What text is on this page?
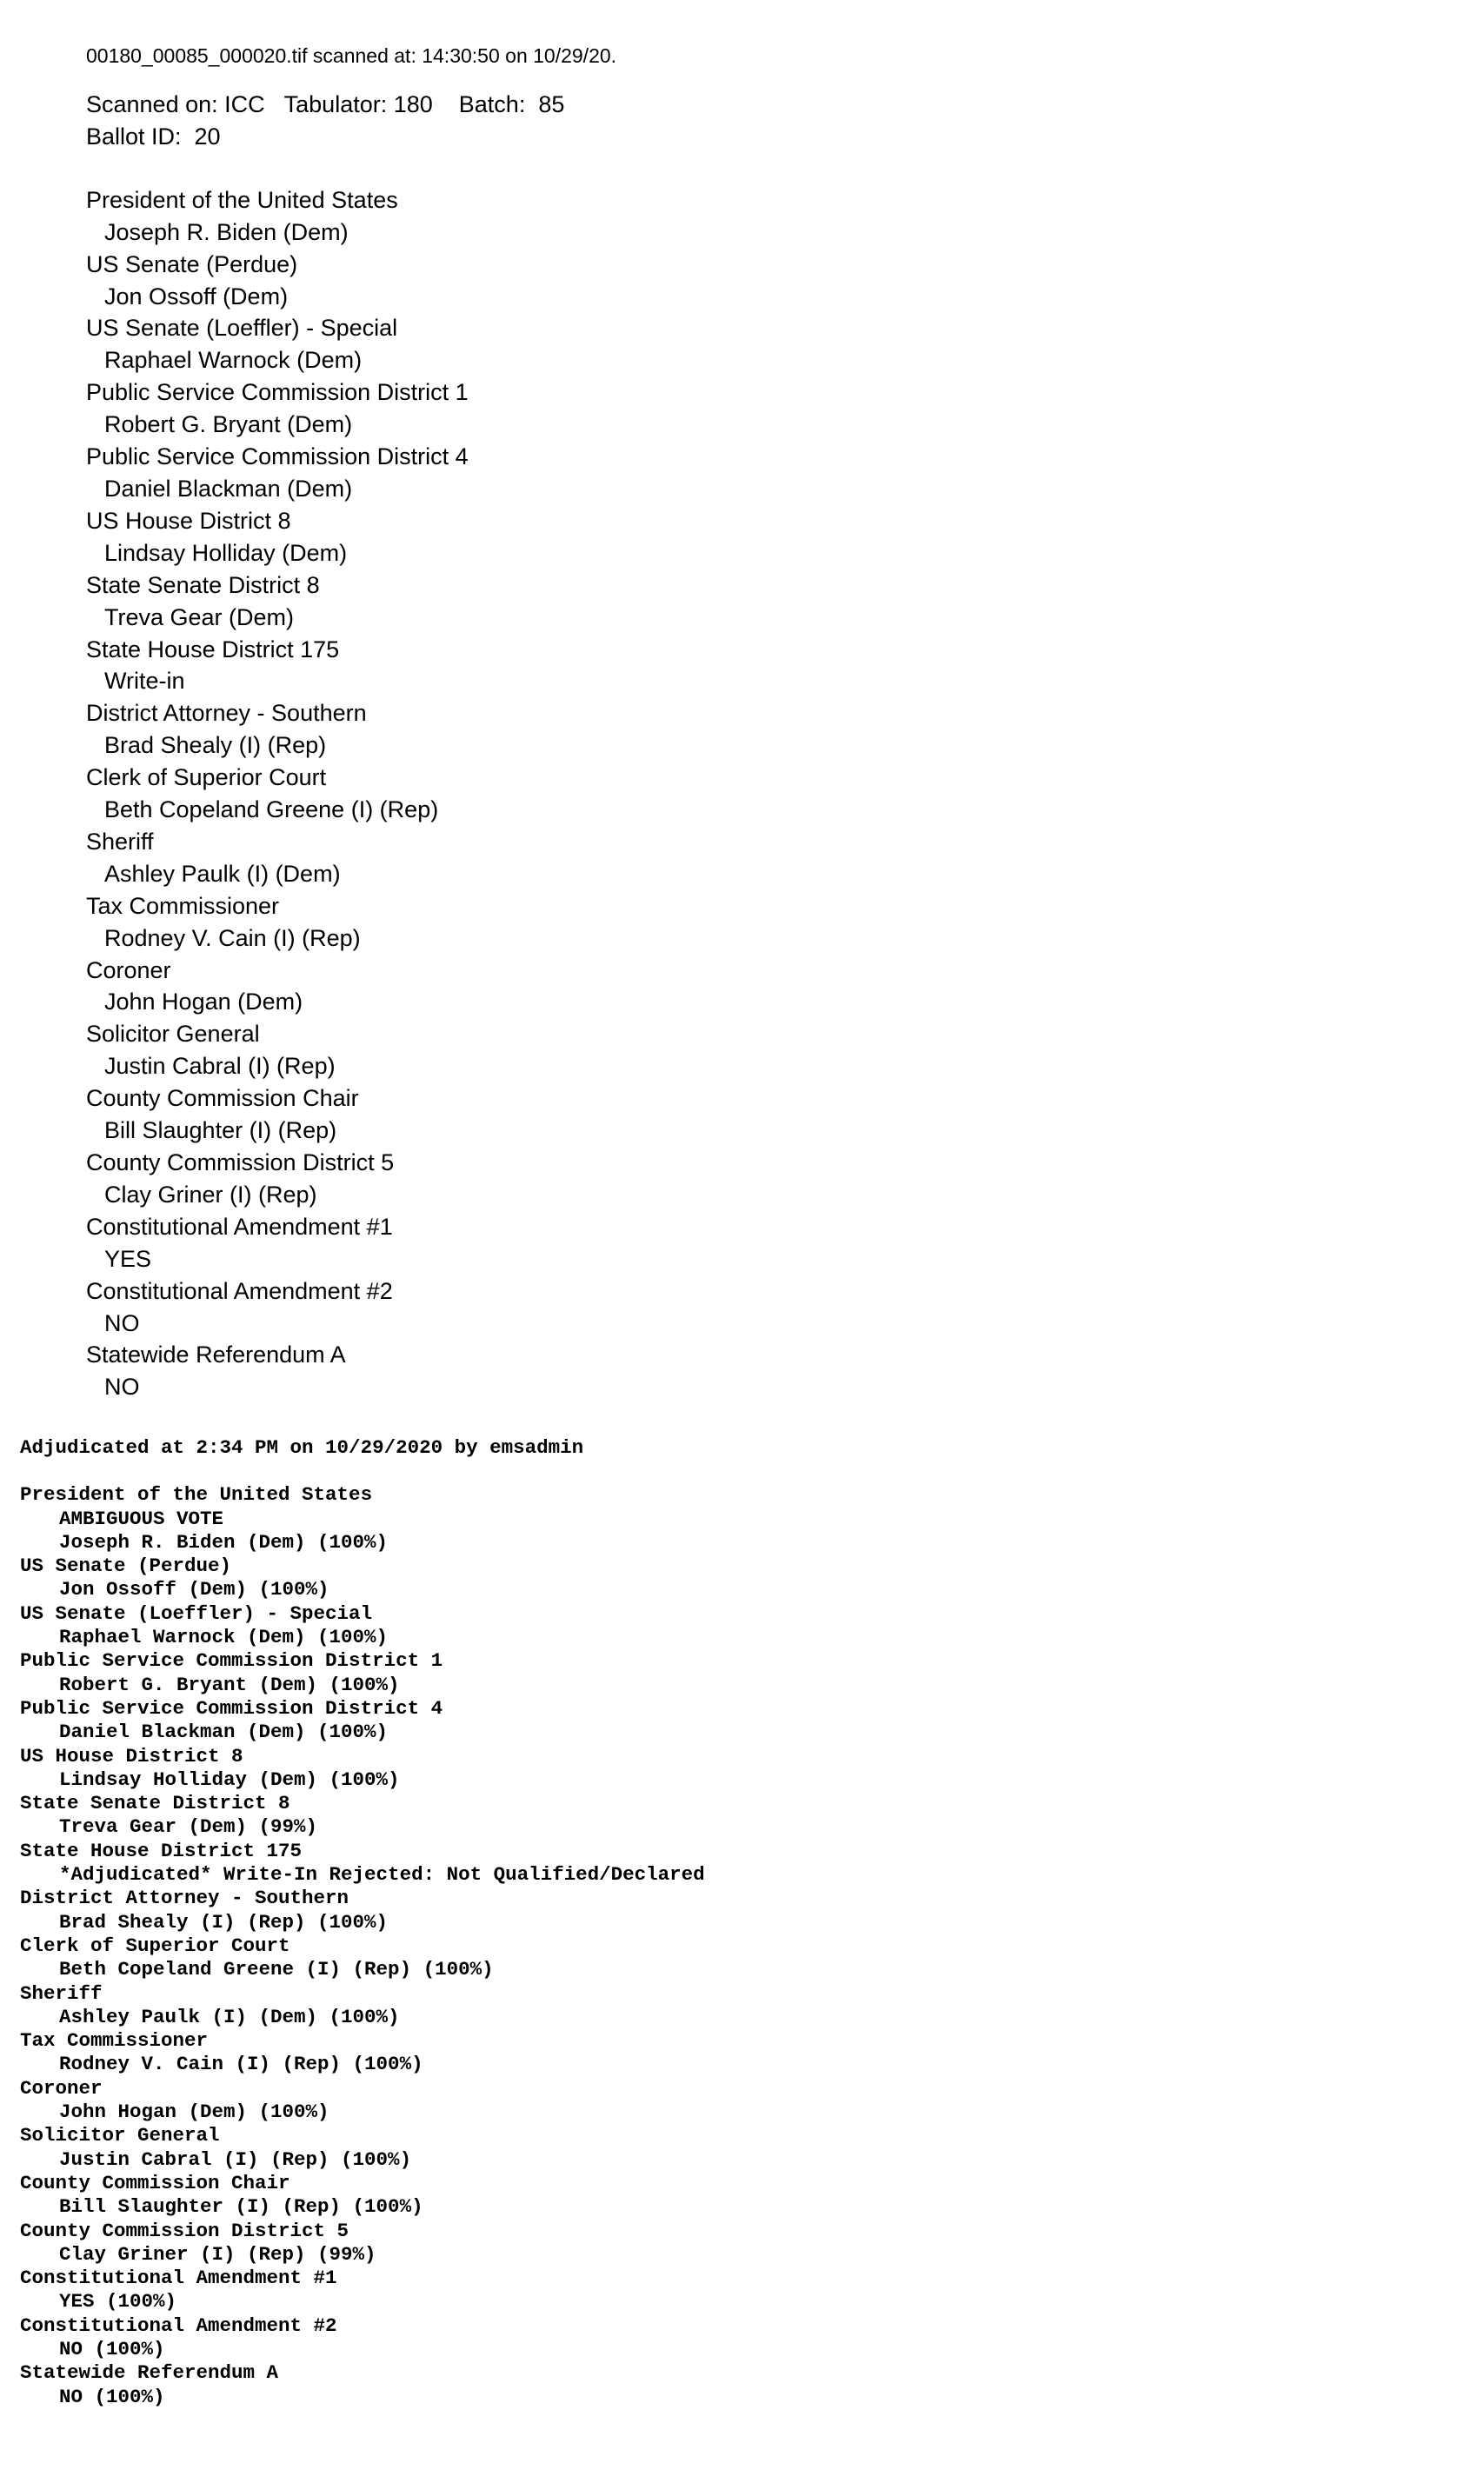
00180_00085_000020.tif scanned at: 14:30:50 on 10/29/20.
Scanned on: ICC   Tabulator: 180    Batch:  85
Ballot ID:  20
President of the United States
Joseph R. Biden (Dem)
US Senate (Perdue)
Jon Ossoff (Dem)
US Senate (Loeffler) - Special
Raphael Warnock (Dem)
Public Service Commission District 1
Robert G. Bryant (Dem)
Public Service Commission District 4
Daniel Blackman (Dem)
US House District 8
Lindsay Holliday (Dem)
State Senate District 8
Treva Gear (Dem)
State House District 175
Write-in
District Attorney - Southern
Brad Shealy (I) (Rep)
Clerk of Superior Court
Beth Copeland Greene (I) (Rep)
Sheriff
Ashley Paulk (I) (Dem)
Tax Commissioner
Rodney V. Cain (I) (Rep)
Coroner
John Hogan (Dem)
Solicitor General
Justin Cabral (I) (Rep)
County Commission Chair
Bill Slaughter (I) (Rep)
County Commission District 5
Clay Griner (I) (Rep)
Constitutional Amendment #1
YES
Constitutional Amendment #2
NO
Statewide Referendum A
NO
Adjudicated at 2:34 PM on 10/29/2020 by emsadmin
President of the United States
AMBIGUOUS VOTE
Joseph R. Biden (Dem) (100%)
US Senate (Perdue)
Jon Ossoff (Dem) (100%)
US Senate (Loeffler) - Special
Raphael Warnock (Dem) (100%)
Public Service Commission District 1
Robert G. Bryant (Dem) (100%)
Public Service Commission District 4
Daniel Blackman (Dem) (100%)
US House District 8
Lindsay Holliday (Dem) (100%)
State Senate District 8
Treva Gear (Dem) (99%)
State House District 175
*Adjudicated* Write-In Rejected: Not Qualified/Declared
District Attorney - Southern
Brad Shealy (I) (Rep) (100%)
Clerk of Superior Court
Beth Copeland Greene (I) (Rep) (100%)
Sheriff
Ashley Paulk (I) (Dem) (100%)
Tax Commissioner
Rodney V. Cain (I) (Rep) (100%)
Coroner
John Hogan (Dem) (100%)
Solicitor General
Justin Cabral (I) (Rep) (100%)
County Commission Chair
Bill Slaughter (I) (Rep) (100%)
County Commission District 5
Clay Griner (I) (Rep) (99%)
Constitutional Amendment #1
YES (100%)
Constitutional Amendment #2
NO (100%)
Statewide Referendum A
NO (100%)
